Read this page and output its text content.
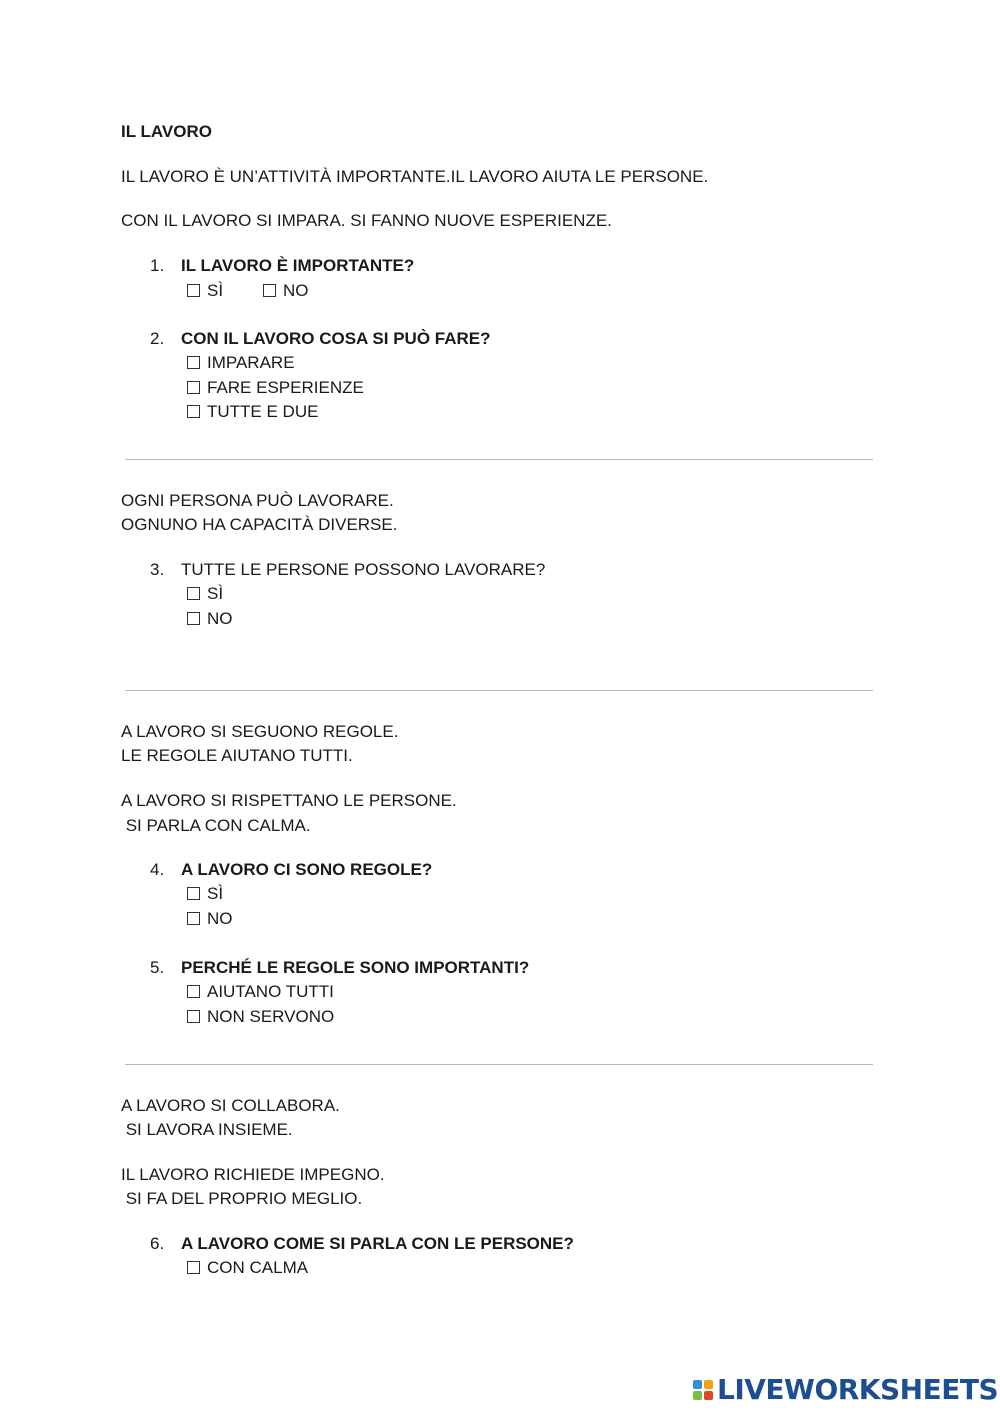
IL LAVORO
IL LAVORO È UN’ATTIVITÀ IMPORTANTE.IL LAVORO AIUTA LE PERSONE.
CON IL LAVORO SI IMPARA. SI FANNO NUOVE ESPERIENZE.
1. IL LAVORO È IMPORTANTE?
SÌ	NO
2. CON IL LAVORO COSA SI PUÒ FARE?
IMPARARE
FARE ESPERIENZE
TUTTE E DUE
OGNI PERSONA PUÒ LAVORARE.
OGNUNO HA CAPACITÀ DIVERSE.
3. TUTTE LE PERSONE POSSONO LAVORARE?
SÌ
NO
A LAVORO SI SEGUONO REGOLE.
LE REGOLE AIUTANO TUTTI.
A LAVORO SI RISPETTANO LE PERSONE.
SI PARLA CON CALMA.
4. A LAVORO CI SONO REGOLE?
SÌ
NO
5. PERCHÉ LE REGOLE SONO IMPORTANTI?
AIUTANO TUTTI
NON SERVONO
A LAVORO SI COLLABORA.
SI LAVORA INSIEME.
IL LAVORO RICHIEDE IMPEGNO.
SI FA DEL PROPRIO MEGLIO.
6. A LAVORO COME SI PARLA CON LE PERSONE?
CON CALMA
LIVEWORKSHEETS
